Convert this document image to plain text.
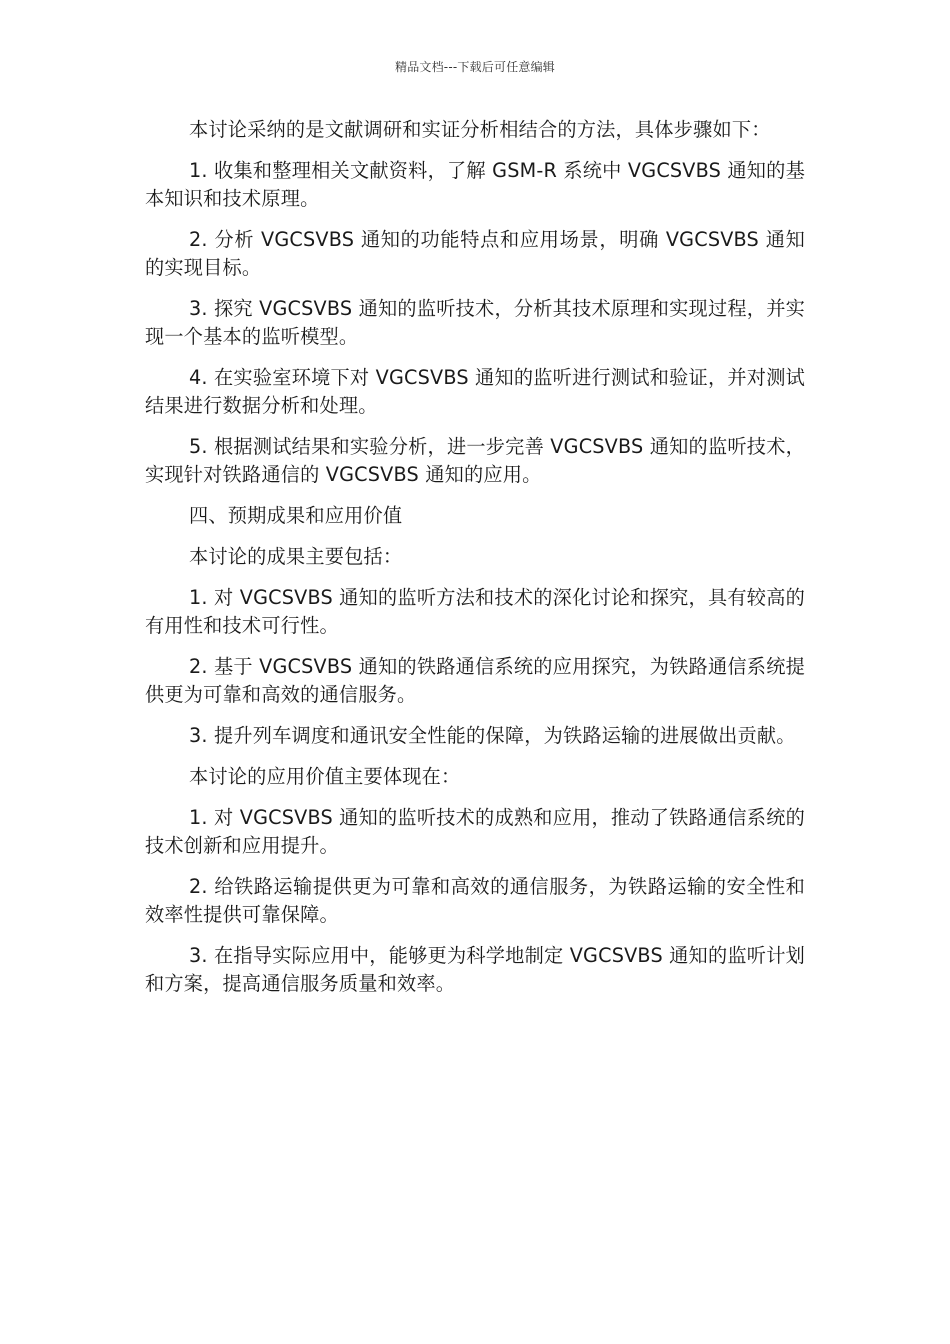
精品文档---下载后可任意编辑

本讨论采纳的是文献调研和实证分析相结合的方法，具体步骤如下：

1. 收集和整理相关文献资料，了解 GSM-R 系统中 VGCSVBS 通知的基本知识和技术原理。

2. 分析 VGCSVBS 通知的功能特点和应用场景，明确 VGCSVBS 通知的实现目标。

3. 探究 VGCSVBS 通知的监听技术，分析其技术原理和实现过程，并实现一个基本的监听模型。

4. 在实验室环境下对 VGCSVBS 通知的监听进行测试和验证，并对测试结果进行数据分析和处理。

5. 根据测试结果和实验分析，进一步完善 VGCSVBS 通知的监听技术，实现针对铁路通信的 VGCSVBS 通知的应用。

四、预期成果和应用价值

本讨论的成果主要包括：

1. 对 VGCSVBS 通知的监听方法和技术的深化讨论和探究，具有较高的有用性和技术可行性。

2. 基于 VGCSVBS 通知的铁路通信系统的应用探究，为铁路通信系统提供更为可靠和高效的通信服务。

3. 提升列车调度和通讯安全性能的保障，为铁路运输的进展做出贡献。

本讨论的应用价值主要体现在：

1. 对 VGCSVBS 通知的监听技术的成熟和应用，推动了铁路通信系统的技术创新和应用提升。

2. 给铁路运输提供更为可靠和高效的通信服务，为铁路运输的安全性和效率性提供可靠保障。

3. 在指导实际应用中，能够更为科学地制定 VGCSVBS 通知的监听计划和方案，提高通信服务质量和效率。
